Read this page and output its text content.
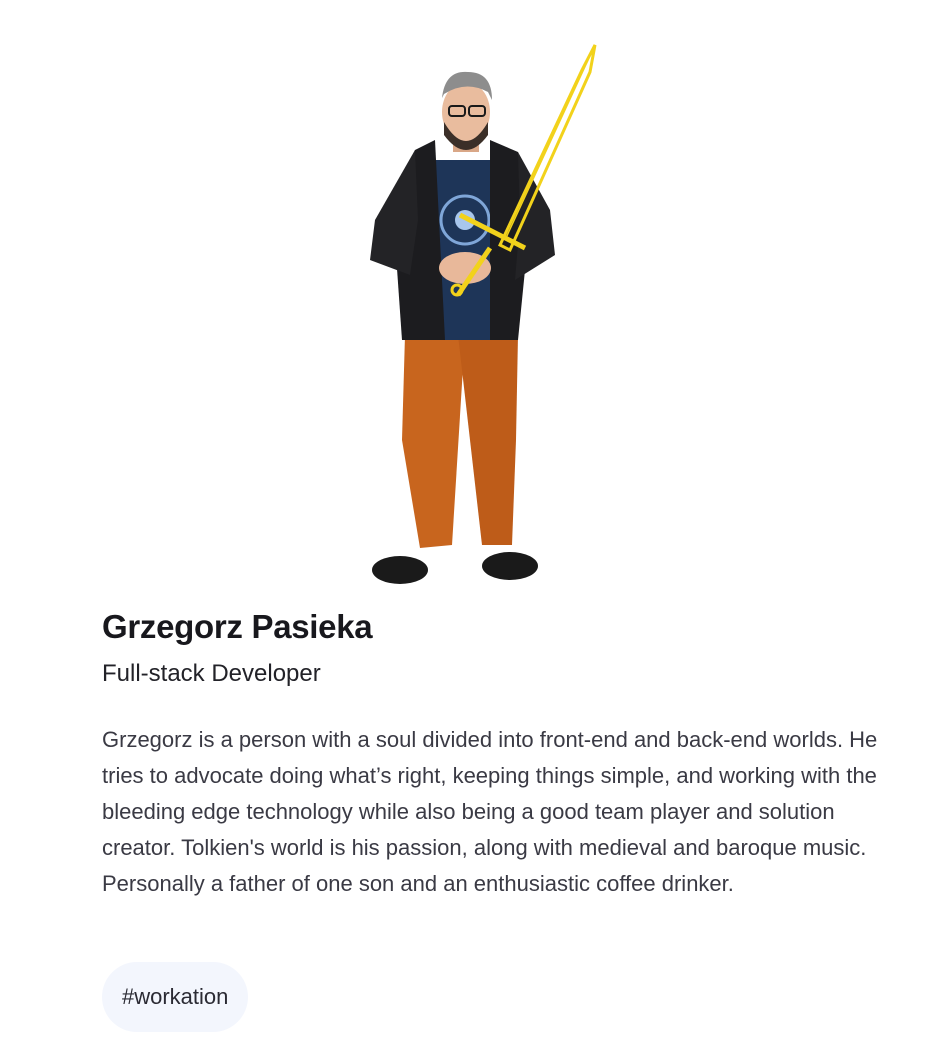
Grzegorz Pasieka
Full-stack Developer

Grzegorz is a person with a soul divided into front-end and back-end worlds. He tries to advocate doing what’s right, keeping things simple, and working with the bleeding edge technology while also being a good team player and solution creator. Tolkien's world is his passion, along with medieval and baroque music. Personally a father of one son and an enthusiastic coffee drinker.

#workation
